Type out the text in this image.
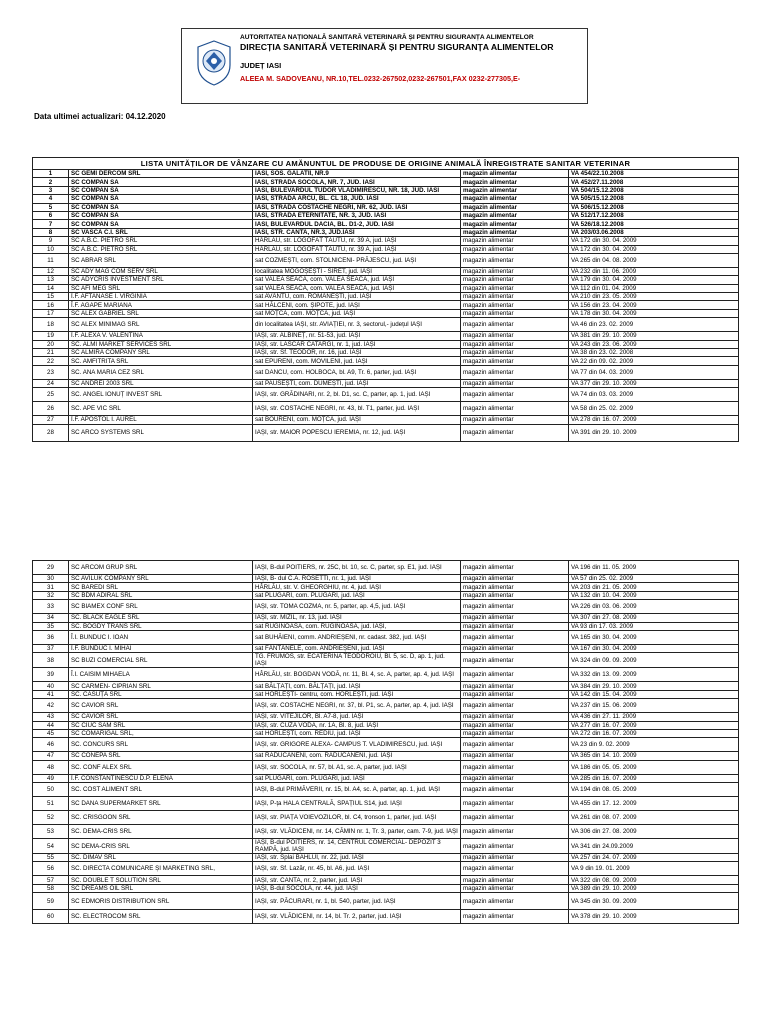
AUTORITATEA NAȚIONALĂ SANITARĂ VETERINARĂ ȘI PENTRU SIGURANȚA ALIMENTELOR
DIRECȚIA SANITARĂ VETERINARĂ ȘI PENTRU SIGURANȚA ALIMENTELOR
JUDEȚ IASI
ALEEA M. SADOVEANU, NR.10,TEL.0232-267502,0232-267501,FAX 0232-277305,E-
Data ultimei actualizari: 04.12.2020
LISTA UNITĂȚILOR DE VÂNZARE CU AMĂNUNTUL DE PRODUSE DE ORIGINE ANIMALĂ ÎNREGISTRATE SANITAR VETERINAR				
1	SC GEMI DERCOM SRL	IASI, SOS. GALATII, NR.9	magazin alimentar	VA 454/22.10.2008
2	SC COMPAN SA	IASI, STRADA SOCOLA, NR. 7, JUD. IASI	magazin alimentar	VA 452/27.11.2008
3	SC COMPAN SA	IASI, BULEVARDUL TUDOR VLADIMIRESCU, NR. 18, JUD. IASI	magazin alimentar	VA 504/15.12.2008
4	SC COMPAN SA	IASI, STRADA ARCU, BL. CL 18, JUD. IASI	magazin alimentar	VA 505/15.12.2008
5	SC COMPAN SA	IASI, STRADA COSTACHE NEGRI, NR. 62, JUD. IASI	magazin alimentar	VA 506/15.12.2008
6	SC COMPAN SA	IASI, STRADA ETERNITATE, NR. 3, JUD. IASI	magazin alimentar	VA 512/17.12.2008
7	SC COMPAN SA	IASI, BULEVARDUL DACIA, BL. D1-2, JUD. IASI	magazin alimentar	VA 526/18.12.2008
8	SC VASCA C.I. SRL	IASI, STR. CANTA, NR.3, JUD.IASI	magazin alimentar	VA 203/03.06.2008
9	SC A.B.C. PIETRO SRL	HÂRLĂU, str. LOGOFĂT TĂUTU, nr. 39 A, jud. IAȘI	magazin alimentar	VA 172 din 30. 04. 2009
10	SC A.B.C. PIETRO SRL	HÂRLĂU, str. LOGOFĂT TĂUTU, nr. 39 A, jud. IAȘI	magazin alimentar	VA 172 din 30. 04. 2009
11	SC ABRAR SRL	sat COZMEȘTI, com. STOLNICENI- PRĂJESCU, jud. IAȘI	magazin alimentar	VA 265 din 04. 08. 2009
12	SC ADY MAG COM SERV SRL	localitatea MOGOȘEȘTI - SIRET, jud. IAȘI	magazin alimentar	VA 232 din 11. 06. 2009
13	SC ADYCRIS INVESTMENT SRL	sat VALEA SEACĂ, com. VALEA SEACĂ, jud. IAȘI	magazin alimentar	VA 179 din 30. 04. 2009
14	SC AFI MEG SRL	sat VALEA SEACĂ, com. VALEA SEACĂ, jud. IAȘI	magazin alimentar	VA 112 din 01. 04. 2009
15	Î.F. AFTANASE I. VIRGINIA	sat AVÂNTU, com. ROMÂNEȘTI, jud. IAȘI	magazin alimentar	VA 210 din 23. 05. 2009
16	Î.F. AGAPE MARIANA	sat HĂLCENI, com. ȘIPOTE, jud. IAȘI	magazin alimentar	VA 156 din 23. 04. 2009
17	SC ALEX GABRIEL SRL	sat MOȚCA, com. MOȚCA, jud. IAȘI	magazin alimentar	VA 178 din 30. 04. 2009
18	SC ALEX MINIMAG SRL	din localitatea IAȘI, str. AVIAȚIEI, nr. 3, sectorul,- județul IAȘI	magazin alimentar	VA 46 din 23. 02. 2009
19	Î.F. ALEXA V. VALENTINA	IAȘI, str. ALBINEȚ, nr. 51-53, jud. IAȘI	magazin alimentar	VA 381 din 29. 10. 2009
20	SC. ALMI MARKET SERVICES SRL	IAȘI, str. LASCĂR CATARGI, nr. 1, jud. IAȘI	magazin alimentar	VA 243 din 23. 06. 2009
21	SC ALMIRA COMPANY SRL	IAȘI, str. Sf. TEODOR, nr. 16, jud. IAȘI	magazin alimentar	VA 38 din 23. 02. 2008
22	SC. AMFITRITA SRL	sat EPURENI, com. MOVILENI, jud. IAȘI	magazin alimentar	VA 22 din 09. 02. 2009
23	SC. ANA MARIA CEZ SRL	sat DANCU, com. HOLBOCA, bl. A9, Tr. 6, parter, jud. IAȘI	magazin alimentar	VA 77 din 04. 03. 2009
24	SC ANDREI 2003 SRL	sat PAUSEȘTI, com. DUMEȘTI, jud. IAȘI	magazin alimentar	VA 377 din 29. 10. 2009
25	SC. ANGEL IONUȚ INVEST SRL	IAȘI, str. GRĂDINARI, nr. 2, bl. D1, sc. C, parter, ap. 1, jud. IAȘI	magazin alimentar	VA 74 din 03. 03. 2009
26	SC. APE VIC SRL	IAȘI, str. COSTACHE NEGRI, nr. 43, bl. T1, parter, jud. IAȘI	magazin alimentar	VA 58 din 25. 02. 2009
27	Î.F. APOSTOL I. AUREL	sat BOURENI, com. MOȚCA, jud. IAȘI	magazin alimentar	VA 278 din 16. 07. 2009
28	SC ARCO SYSTEMS SRL	IAȘI, str. MAIOR POPESCU IEREMIA, nr. 12, jud. IAȘI	magazin alimentar	VA 391 din 29. 10. 2009
29	SC ARCOM GRUP SRL	IAȘI, B-dul POITIERS, nr. 25C, bl. 10, sc. C, parter, sp. E1, jud. IAȘI	magazin alimentar	VA 196 din 11. 05. 2009
30	SC AVILUK COMPANY SRL	IAȘI, B- dul C.A. ROSETTI, nr. 1, jud. IAȘI	magazin alimentar	VA 57 din 25. 02. 2009
31	SC BAREDI SRL	HÂRLĂU, str. V. GHEORGHIU, nr. 4, jud. IAȘI	magazin alimentar	VA 203 din 21. 05. 2009
32	SC BDM ADIRAL SRL	sat PLUGARI, com. PLUGARI, jud. IAȘI	magazin alimentar	VA 132 din 10. 04. 2009
33	SC BIAMEX CONF SRL	IAȘI, str. TOMA COZMA, nr. 5, parter, ap. 4,5, jud. IAȘI	magazin alimentar	VA 226 din 03. 06. 2009
34	SC. BLACK EAGLE SRL	IAȘI, str. MIZIL, nr. 13, jud. IAȘI	magazin alimentar	VA 307 din 27. 08. 2009
35	SC. BOGDY TRANS SRL	sat RUGINOASA, com. RUGINOASA, jud. IAȘI,	magazin alimentar	VA 93 din 17. 03. 2009
36	Î.I. BUNDUC I. IOAN	sat BUHĂIENI, comm. ANDRIEȘENI, nr. cadast. 382, jud. IAȘI	magazin alimentar	VA 165 din 30. 04. 2009
37	Î.F. BUNDUC I. MIHAI	sat FÂNTÂNELE, com. ANDRIEȘENI, jud. IAȘI	magazin alimentar	VA 167 din 30. 04. 2009
38	SC BUZI COMERCIAL SRL	TG. FRUMOS, str. ECATERINA TEODOROIU, Bl. 5, sc. D, ap. 1, jud. IAȘI	magazin alimentar	VA 324 din 09. 09. 2009
39	Î.I. CAISIM MIHAELA	HÂRLĂU, str. BOGDAN VODĂ, nr. 11, Bl. 4, sc. A, parter, ap. 4, jud. IAȘI	magazin alimentar	VA 332 din 13. 09. 2009
40	SC CARMEN- CIPRIAN SRL	sat BĂLȚAȚI, com. BĂLȚAȚI, jud. IAȘI	magazin alimentar	VA 384 din 29. 10. 2009
41	SC. CASUȚA SRL	sat HORLEȘTI- centru, com. HORLEȘTI, jud. IAȘI	magazin alimentar	VA 142 din 15. 04. 2009
42	SC CAVIOR SRL	IAȘI, str. COSTACHE NEGRI, nr. 37, bl. P1, sc. A, parter, ap. 4, jud. IAȘI	magazin alimentar	VA 237 din 15. 06. 2009
43	SC CAVIOR SRL	IAȘI, str. VITEJILOR, Bl. A7-8, jud. IAȘI	magazin alimentar	VA 436 din 27. 11. 2009
44	SC CIUC SAM SRL	IAȘI, str. CUZA VODĂ, nr. 1A, Bl. 8, jud. IAȘI	magazin alimentar	VA 277 din 16. 07. 2009
45	SC COMARIGAL SRL,	sat HORLEȘTI, com. REDIU, jud. IAȘI	magazin alimentar	VA 272 din 16. 07. 2009
46	SC. CONCURS SRL	IAȘI, str. GRIGORE ALEXA- CAMPUS T. VLADIMIRESCU, jud. IAȘI	magazin alimentar	VA 23 din 9. 02. 2009
47	SC CONEPA SRL	sat RĂDUCĂNENI, com. RĂDUCĂNENI, jud. IAȘI	magazin alimentar	VA 365 din 14. 10. 2009
48	SC. CONF ALEX SRL	IAȘI, str. SOCOLA, nr. 57, bl. A1, sc. A, parter, jud. IAȘI	magazin alimentar	VA 186 din 05. 05. 2009
49	Î.F. CONSTANTINESCU D.P. ELENA	sat PLUGARI, com. PLUGARI, jud. IAȘI	magazin alimentar	VA 285 din 16. 07. 2009
50	SC. COST ALIMENT SRL	IAȘI, B-dul PRIMĂVERII, nr. 15, bl. A4, sc. A, parter, ap. 1, jud. IAȘI	magazin alimentar	VA 194 din 08. 05. 2009
51	SC DANA SUPERMARKET SRL	IAȘI, P-ța HALA CENTRALĂ, SPAȚIUL S14, jud. IAȘI	magazin alimentar	VA 455 din 17. 12. 2009
52	SC. CRISGOON SRL	IAȘI, str. PIAȚA VOIEVOZILOR, bl. C4, tronson 1, parter, jud. IAȘI	magazin alimentar	VA 261 din 08. 07. 2009
53	SC. DEMA-CRIS SRL	IAȘI, str. VLĂDICENI, nr. 14, CĂMIN nr. 1, Tr. 3, parter, cam. 7-9, jud. IAȘI	magazin alimentar	VA 306 din 27. 08. 2009
54	SC DEMA-CRIS SRL	IAȘI, B-dul POITIERS, nr. 14, CENTRUL COMERCIAL- DEPOZIT 3 RAMPĂ, jud. IAȘI	magazin alimentar	VA 341 din 24.09.2009
55	SC. DIMAV SRL	IAȘI, str. Splai BAHLUI, nr. 22, jud. IAȘI	magazin alimentar	VA 257 din 24. 07. 2009
56	SC. DIRECTA COMUNICARE ȘI MARKETING SRL,	IAȘI, str. Sf. Lazăr, nr. 45, bl. A6, jud. IAȘI	magazin alimentar	VA 9 din 19. 01. 2009
57	SC. DOUBLE T SOLUTION SRL	IAȘI, str. CANTA, nr. 2, parter, jud. IAȘI	magazin alimentar	VA 322 din 08. 09. 2009
58	SC DREAMS OIL SRL	IAȘI, B-dul SOCOLA, nr. 44, jud. IAȘI	magazin alimentar	VA 389 din 29. 10. 2009
59	SC EDMORIS DISTRIBUTION SRL	IAȘI, str. PĂCURARI, nr. 1, bl. 540, parter, jud. IAȘI	magazin alimentar	VA 345 din 30. 09. 2009
60	SC. ELECTROCOM SRL	IAȘI, str. VLĂDICENI, nr. 14, bl. Tr. 2, parter, jud. IAȘI	magazin alimentar	VA 378 din 29. 10. 2009
